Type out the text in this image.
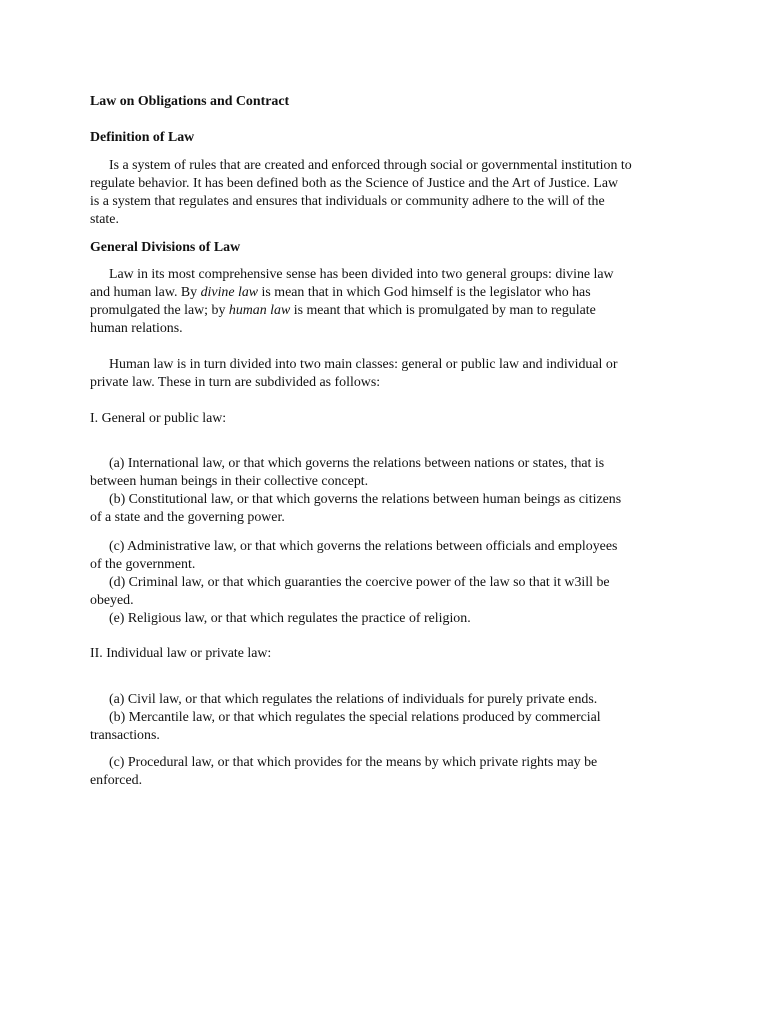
Law on Obligations and Contract
Definition of Law
Is a system of rules that are created and enforced through social or governmental institution to
regulate behavior. It has been defined both as the Science of Justice and the Art of Justice. Law
is a system that regulates and ensures that individuals or community adhere to the will of the
state.
General Divisions of Law
Law in its most comprehensive sense has been divided into two general groups: divine law
and human law. By divine law is mean that in which God himself is the legislator who has
promulgated the law; by human law is meant that which is promulgated by man to regulate
human relations.
Human law is in turn divided into two main classes: general or public law and individual or
private law. These in turn are subdivided as follows:
I. General or public law:
(a) International law, or that which governs the relations between nations or states, that is
between human beings in their collective concept.
(b) Constitutional law, or that which governs the relations between human beings as citizens
of a state and the governing power.
(c) Administrative law, or that which governs the relations between officials and employees
of the government.
(d) Criminal law, or that which guaranties the coercive power of the law so that it w3ill be
obeyed.
(e) Religious law, or that which regulates the practice of religion.
II. Individual law or private law:
(a) Civil law, or that which regulates the relations of individuals for purely private ends.
(b) Mercantile law, or that which regulates the special relations produced by commercial
transactions.
(c) Procedural law, or that which provides for the means by which private rights may be
enforced.
